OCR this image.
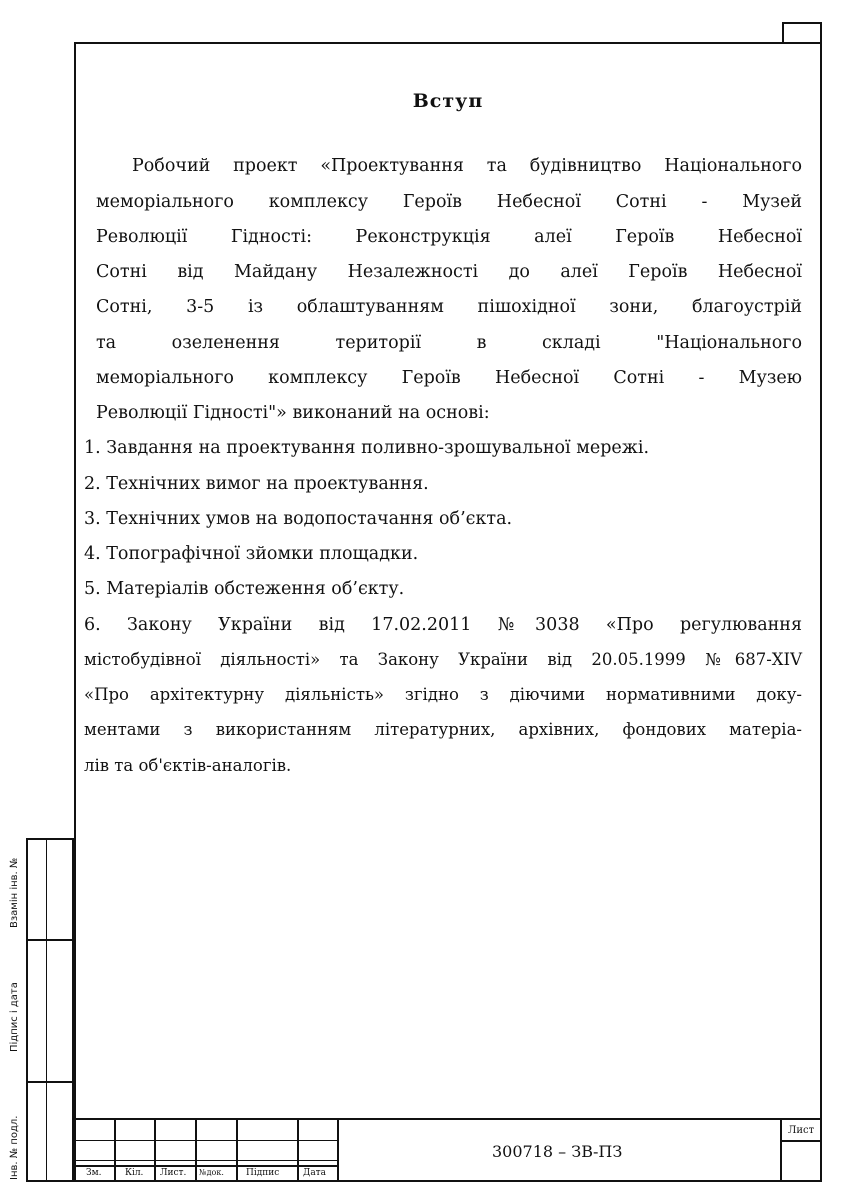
Вступ
Робочий проект «Проектування та будівництво Національного
меморіального комплексу Героїв Небесної Сотні - Музей
Революції Гідності: Реконструкція алеї Героїв Небесної
Сотні від Майдану Незалежності до алеї Героїв Небесної
Сотні, 3-5 із облаштуванням пішохідної зони, благоустрій
та озеленення території в складі "Національного
меморіального комплексу Героїв Небесної Сотні - Музею
Революції Гідності"» виконаний на основі:
1. Завдання на проектування поливно-зрошувальної мережі.
2. Технічних вимог на проектування.
3. Технічних умов на водопостачання об’єкта.
4. Топографічної зйомки площадки.
5. Матеріалів обстеження об’єкту.
6. Закону України від 17.02.2011 №3038 «Про регулювання
містобудівної діяльності» та Закону України від 20.05.1999 №687-XIV
«Про архітектурну діяльність» згідно з діючими нормативними доку-
ментами з використанням літературних, архівних, фондових матеріа-
лів та об'єктів-аналогів.
Взамін інв. №
Підпис і дата
Інв. № подл.	Зм.	Кіл. Лист. №док. Підпис	Дата
300718 – ЗВ-ПЗ
Лист
